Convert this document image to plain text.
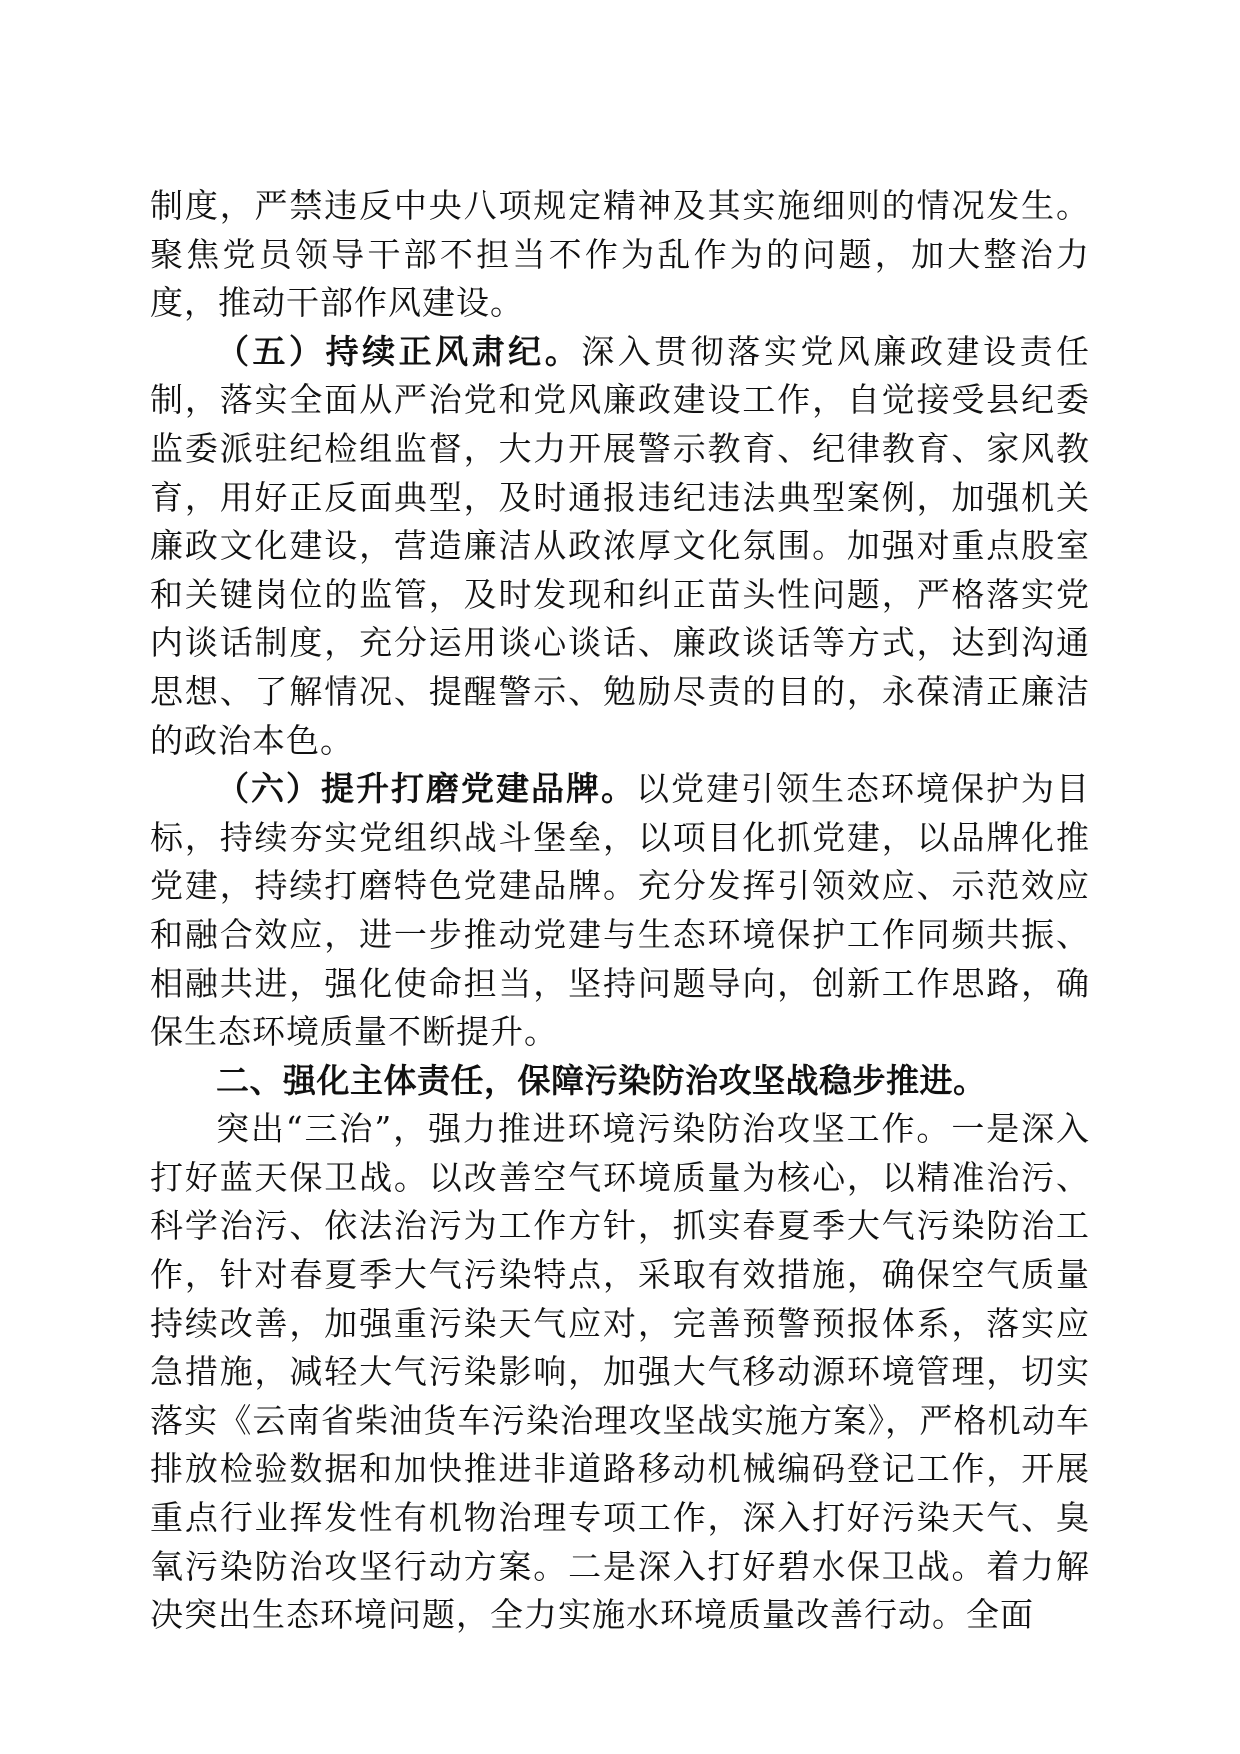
制度，严禁违反中央八项规定精神及其实施细则的情况发生。聚焦党员领导干部不担当不作为乱作为的问题，加大整治力度，推动干部作风建设。

（五）持续正风肃纪。深入贯彻落实党风廉政建设责任制，落实全面从严治党和党风廉政建设工作，自觉接受县纪委监委派驻纪检组监督，大力开展警示教育、纪律教育、家风教育，用好正反面典型，及时通报违纪违法典型案例，加强机关廉政文化建设，营造廉洁从政浓厚文化氛围。加强对重点股室和关键岗位的监管，及时发现和纠正苗头性问题，严格落实党内谈话制度，充分运用谈心谈话、廉政谈话等方式，达到沟通思想、了解情况、提醒警示、勉励尽责的目的，永葆清正廉洁的政治本色。

（六）提升打磨党建品牌。以党建引领生态环境保护为目标，持续夯实党组织战斗堡垒，以项目化抓党建，以品牌化推党建，持续打磨特色党建品牌。充分发挥引领效应、示范效应和融合效应，进一步推动党建与生态环境保护工作同频共振、相融共进，强化使命担当，坚持问题导向，创新工作思路，确保生态环境质量不断提升。

二、强化主体责任，保障污染防治攻坚战稳步推进。

突出“三治”，强力推进环境污染防治攻坚工作。一是深入打好蓝天保卫战。以改善空气环境质量为核心，以精准治污、科学治污、依法治污为工作方针，抓实春夏季大气污染防治工作，针对春夏季大气污染特点，采取有效措施，确保空气质量持续改善，加强重污染天气应对，完善预警预报体系，落实应急措施，减轻大气污染影响，加强大气移动源环境管理，切实落实《云南省柴油货车污染治理攻坚战实施方案》，严格机动车排放检验数据和加快推进非道路移动机械编码登记工作，开展重点行业挥发性有机物治理专项工作，深入打好污染天气、臭氧污染防治攻坚行动方案。二是深入打好碧水保卫战。着力解决突出生态环境问题，全力实施水环境质量改善行动。全面
